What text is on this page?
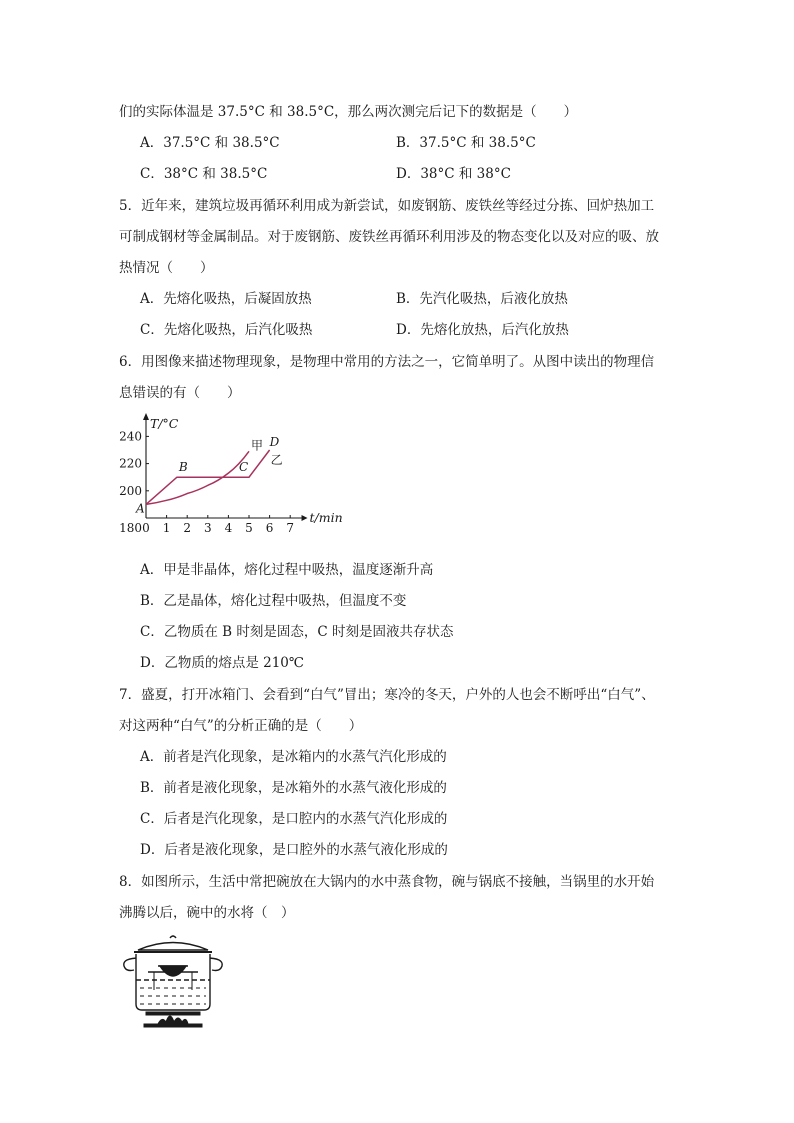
们的实际体温是 37.5°C 和 38.5°C，那么两次测完后记下的数据是（　　）
A．37.5°C 和 38.5°C	B．37.5°C 和 38.5°C
C．38°C 和 38.5°C	D．38°C 和 38°C
5．近年来，建筑垃圾再循环利用成为新尝试，如废钢筋、废铁丝等经过分拣、回炉热加工
可制成钢材等金属制品。对于废钢筋、废铁丝再循环利用涉及的物态变化以及对应的吸、放
热情况（　　）
A．先熔化吸热，后凝固放热	B．先汽化吸热，后液化放热
C．先熔化吸热，后汽化吸热	D．先熔化放热，后汽化放热
6．用图像来描述物理现象，是物理中常用的方法之一，它简单明了。从图中读出的物理信
息错误的有（　　）
0 1 2 3 4 5 6 7
180
200
220
240
T/°C
t/min
甲
乙
A
B	C
D
A．甲是非晶体，熔化过程中吸热，温度逐渐升高
B．乙是晶体，熔化过程中吸热，但温度不变
C．乙物质在 B 时刻是固态，C 时刻是固液共存状态
D．乙物质的熔点是 210℃
7．盛夏，打开冰箱门、会看到“白气”冒出；寒冷的冬天，户外的人也会不断呼出“白气”、
对这两种“白气”的分析正确的是（　　）
A．前者是汽化现象，是冰箱内的水蒸气汽化形成的
B．前者是液化现象，是冰箱外的水蒸气液化形成的
C．后者是汽化现象，是口腔内的水蒸气汽化形成的
D．后者是液化现象，是口腔外的水蒸气液化形成的
8．如图所示，生活中常把碗放在大锅内的水中蒸食物，碗与锅底不接触，当锅里的水开始
沸腾以后，碗中的水将（　）
